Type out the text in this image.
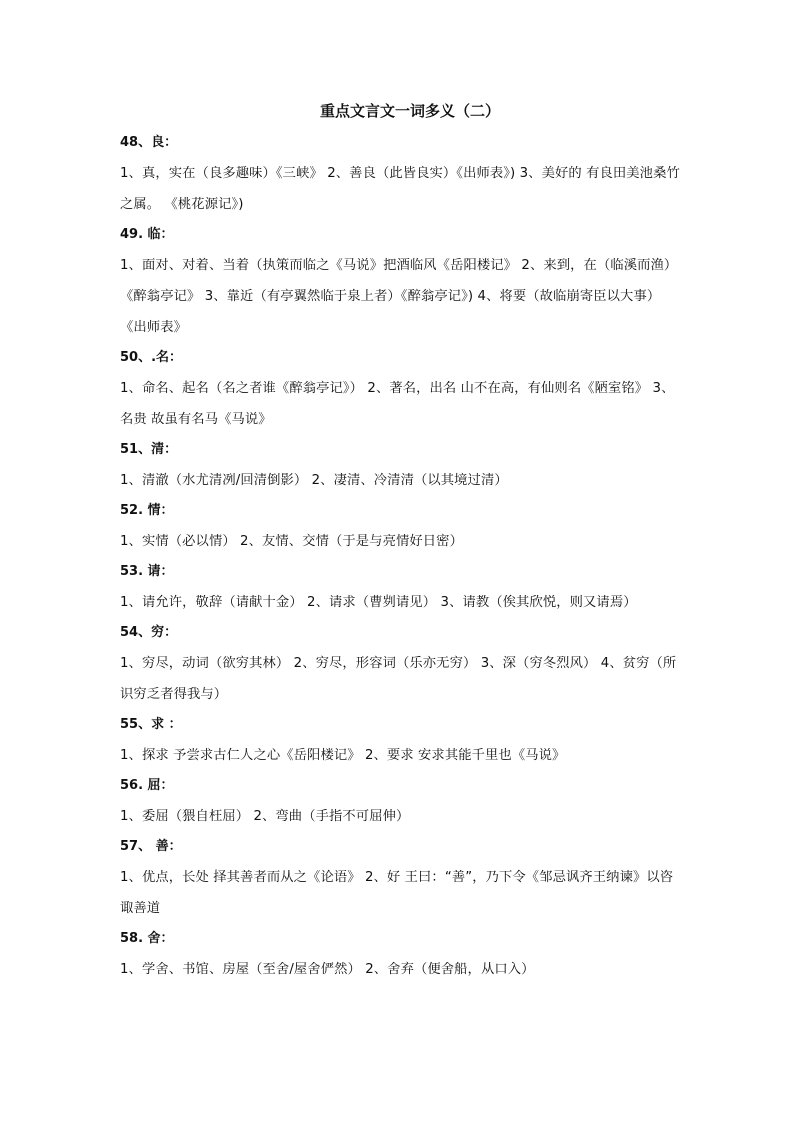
重点文言文一词多义（二）
48、良：
1、真，实在（良多趣味）《三峡》 2、善良（此皆良实）《出师表》) 3、美好的 有良田美池桑竹之属。 《桃花源记》)
49. 临：
1、面对、对着、当着（执策而临之《马说》把酒临风《岳阳楼记》 2、来到，在（临溪而渔）《醉翁亭记》 3、靠近（有亭翼然临于泉上者）《醉翁亭记》) 4、将要（故临崩寄臣以大事）《出师表》
50、.名：
1、命名、起名（名之者谁《醉翁亭记》） 2、著名，出名 山不在高，有仙则名《陋室铭》 3、名贵 故虽有名马《马说》
51、清：
1、清澈（水尤清冽/回清倒影） 2、凄清、冷清清（以其境过清）
52. 情：
1、实情（必以情） 2、友情、交情（于是与亮情好日密）
53. 请：
1、请允许，敬辞（请献十金） 2、请求（曹刿请见） 3、请教（俟其欣悦，则又请焉）
54、穷：
1、穷尽，动词（欲穷其林） 2、穷尽，形容词（乐亦无穷） 3、深（穷冬烈风） 4、贫穷（所识穷乏者得我与）
55、求 ：
1、探求 予尝求古仁人之心《岳阳楼记》 2、要求 安求其能千里也《马说》
56. 屈：
1、委屈（猥自枉屈） 2、弯曲（手指不可屈伸）
57、 善：
1、优点，长处 择其善者而从之《论语》 2、好 王曰：“善”，乃下令《邹忌讽齐王纳谏》以咨诹善道
58. 舍：
1、学舍、书馆、房屋（至舍/屋舍俨然） 2、舍弃（便舍船，从口入）
